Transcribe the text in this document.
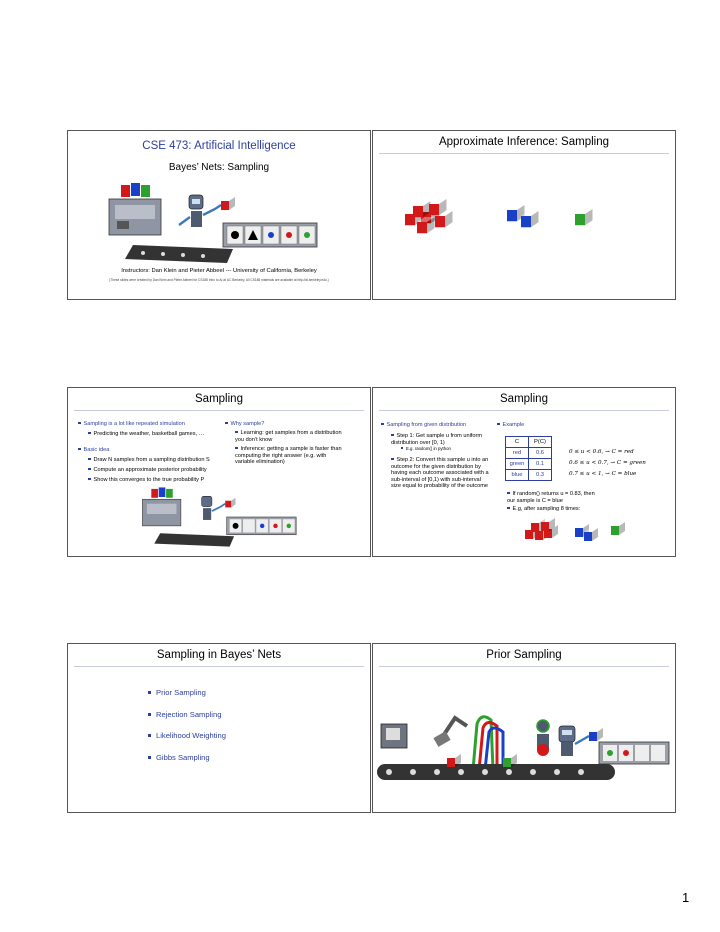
CSE 473: Artificial Intelligence
Bayes’ Nets: Sampling
Instructors: Dan Klein and Pieter Abbeel --- University of California, Berkeley
[These slides were created by Dan Klein and Pieter Abbeel for CS188 Intro to AI at UC Berkeley. All CS188 materials are available at http://ai.berkeley.edu.]
Approximate Inference: Sampling
Sampling
Sampling is a lot like repeated simulation
Predicting the weather, basketball games, …
Basic idea
Draw N samples from a sampling distribution S
Compute an approximate posterior probability
Show this converges to the true probability P
Why sample?
Learning: get samples from a distribution you don’t know
Inference: getting a sample is faster than computing the right answer (e.g. with variable elimination)
Sampling
Sampling from given distribution
Step 1: Get sample u from uniform distribution over [0, 1)
E.g. random() in python
Step 2: Convert this sample u into an outcome for the given distribution by having each outcome associated with a sub-interval of [0,1) with sub-interval size equal to probability of the outcome
Example
C	P(C)
red	0.6
green	0.1
blue	0.3
0 ≤ u < 0.6, → C = red
0.6 ≤ u < 0.7, → C = green
0.7 ≤ u < 1, → C = blue
If random() returns u = 0.83, then our sample is C = blue
E.g, after sampling 8 times:
Sampling in Bayes’ Nets
Prior Sampling
Rejection Sampling
Likelihood Weighting
Gibbs Sampling
Prior Sampling
1
